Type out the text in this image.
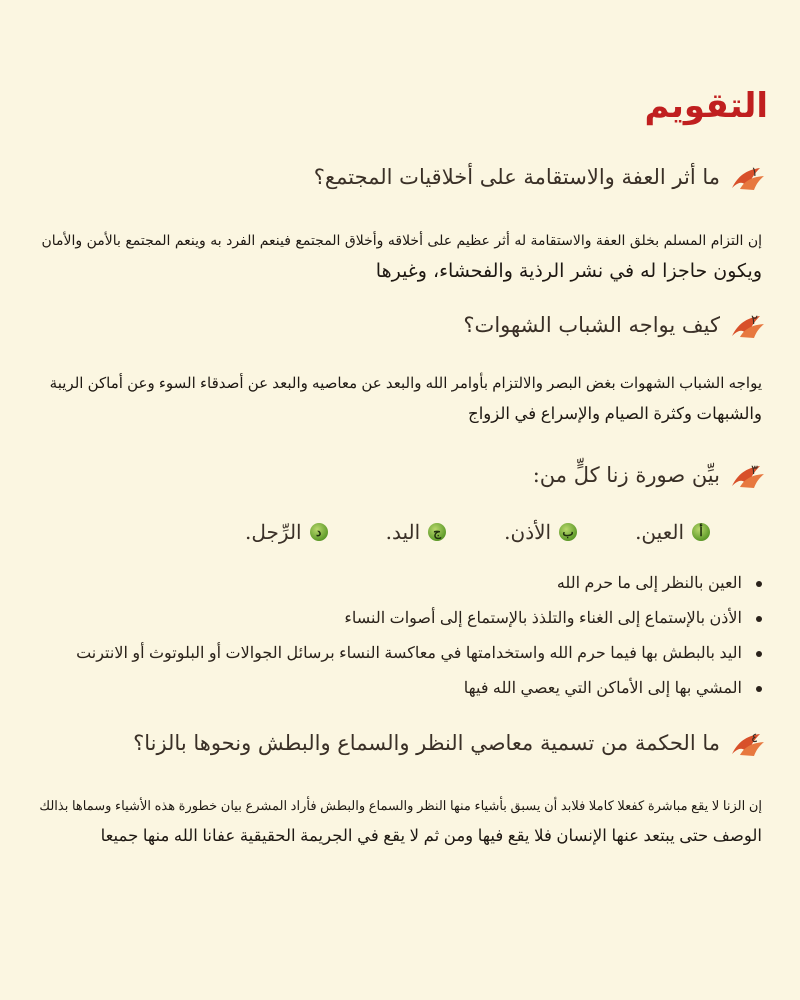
التقويم
١
ما أثر العفة والاستقامة على أخلاقيات المجتمع؟

إن التزام المسلم بخلق العفة والاستقامة له أثر عظيم على أخلاقه وأخلاق المجتمع فينعم الفرد به وينعم المجتمع بالأمن والأمان

ويكون حاجزا له في نشر الرذية والفحشاء، وغيرها

٢
كيف يواجه الشباب الشهوات؟

يواجه الشباب الشهوات بغض البصر والالتزام بأوامر الله والبعد عن معاصيه والبعد عن أصدقاء السوء وعن أماكن الريبة

والشبهات وكثرة الصيام والإسراع في الزواج

٣
بيِّن صورة زنا كلٍّ من:
أ
العين.
ب
الأذن.
ج
اليد.
د
الرِّجل.
العين بالنظر إلى ما حرم الله
الأذن بالإستماع إلى الغناء والتلذذ بالإستماع إلى أصوات النساء
اليد بالبطش بها فيما حرم الله واستخدامتها في معاكسة النساء برسائل الجوالات أو البلوتوث أو الانترنت
المشي بها إلى الأماكن التي يعصي الله فيها
٤
ما الحكمة من تسمية معاصي النظر والسماع والبطش ونحوها بالزنا؟

إن الزنا لا يقع مباشرة كفعلا كاملا فلابد أن يسبق بأشياء منها النظر والسماع والبطش فأراد المشرع بيان خطورة هذه الأشياء وسماها بذالك

الوصف حتى يبتعد عنها الإنسان فلا يقع فيها ومن ثم لا يقع في الجريمة الحقيقية عفانا الله منها جميعا
